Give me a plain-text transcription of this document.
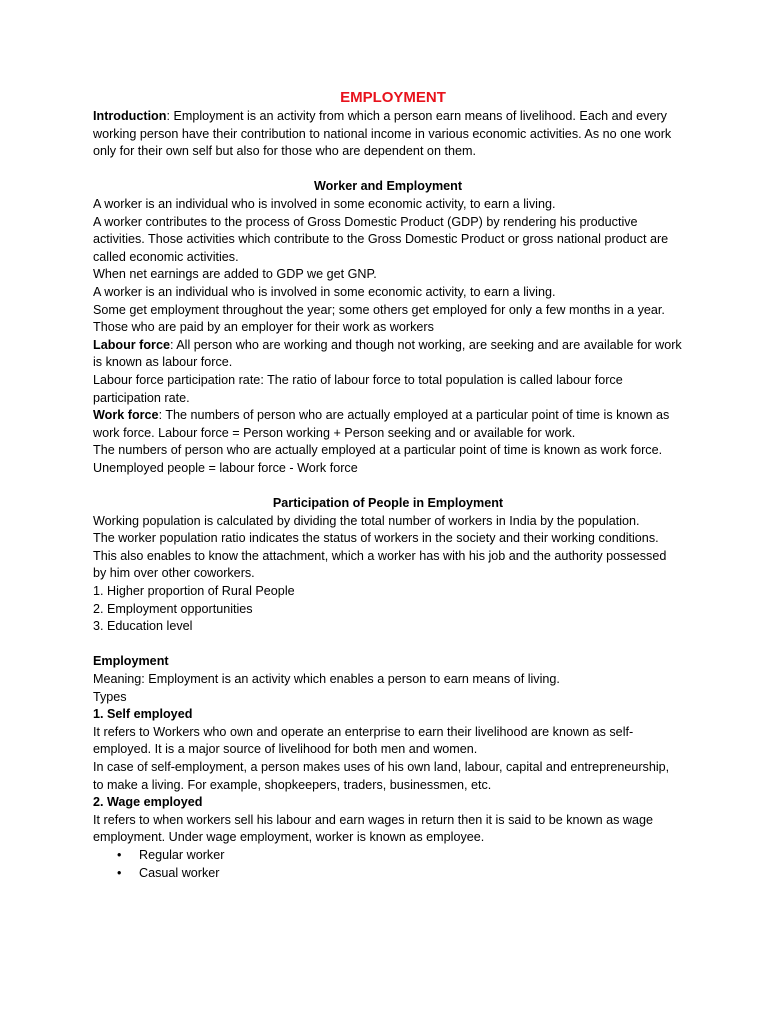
EMPLOYMENT

Introduction: Employment is an activity from which a person earn means of livelihood. Each and every working person have their contribution to national income in various economic activities. As no one work only for their own self but also for those who are dependent on them.

Worker and Employment

A worker is an individual who is involved in some economic activity, to earn a living.

A worker contributes to the process of Gross Domestic Product (GDP) by rendering his productive activities. Those activities which contribute to the Gross Domestic Product or gross national product are called economic activities.

When net earnings are added to GDP we get GNP.

A worker is an individual who is involved in some economic activity, to earn a living.

Some get employment throughout the year; some others get employed for only a few months in a year. Those who are paid by an employer for their work as workers

Labour force: All person who are working and though not working, are seeking and are available for work is known as labour force.

Labour force participation rate: The ratio of labour force to total population is called labour force participation rate.

Work force: The numbers of person who are actually employed at a particular point of time is known as work force. Labour force = Person working + Person seeking and or available for work.

The numbers of person who are actually employed at a particular point of time is known as work force.

Unemployed people = labour force - Work force

Participation of People in Employment

Working population is calculated by dividing the total number of workers in India by the population.

The worker population ratio indicates the status of workers in the society and their working conditions.

This also enables to know the attachment, which a worker has with his job and the authority possessed by him over other coworkers.

1. Higher proportion of Rural People

2. Employment opportunities

3. Education level

Employment

Meaning: Employment is an activity which enables a person to earn means of living.

Types

1. Self employed

It refers to Workers who own and operate an enterprise to earn their livelihood are known as self-employed. It is a major source of livelihood for both men and women.

In case of self-employment, a person makes uses of his own land, labour, capital and entrepreneurship, to make a living. For example, shopkeepers, traders, businessmen, etc.

2. Wage employed

It refers to when workers sell his labour and earn wages in return then it is said to be known as wage employment. Under wage employment, worker is known as employee.

• Regular worker
• Casual worker
